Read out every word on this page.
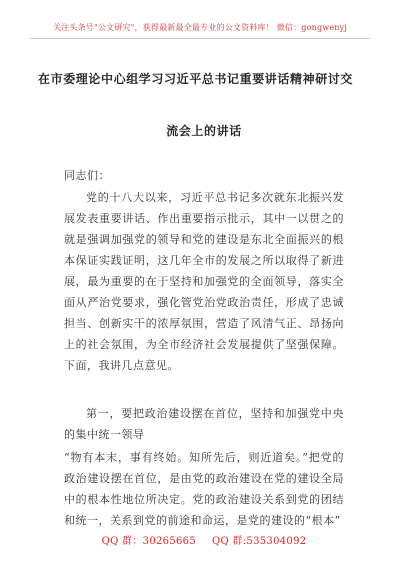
关注头条号"公文研究"，获得最新最全最专业的公文资料库！ 微信：gongwenyj
在市委理论中心组学习习近平总书记重要讲话精神研讨交
流会上的讲话
同志们：
党的十八大以来，习近平总书记多次就东北振兴发展发表重要讲话、作出重要指示批示，其中一以贯之的就是强调加强党的领导和党的建设是东北全面振兴的根本保证实践证明，这几年全市的发展之所以取得了新进展，最为重要的在于坚持和加强党的全面领导，落实全面从严治党要求，强化管党治党政治责任，形成了忠诚担当、创新实干的浓厚氛围，营造了风清气正、昂扬向上的社会氛围，为全市经济社会发展提供了坚强保障。下面，我讲几点意见。
第一，要把政治建设摆在首位，坚持和加强党中央的集中统一领导
“物有本末，事有终始。知所先后，则近道矣。”把党的政治建设摆在首位，是由党的政治建设在党的建设全局中的根本性地位所决定。党的政治建设关系到党的团结和统一，关系到党的前途和命运，是党的建设的“根本”
QQ 群：30265665 QQ 群:535304092
